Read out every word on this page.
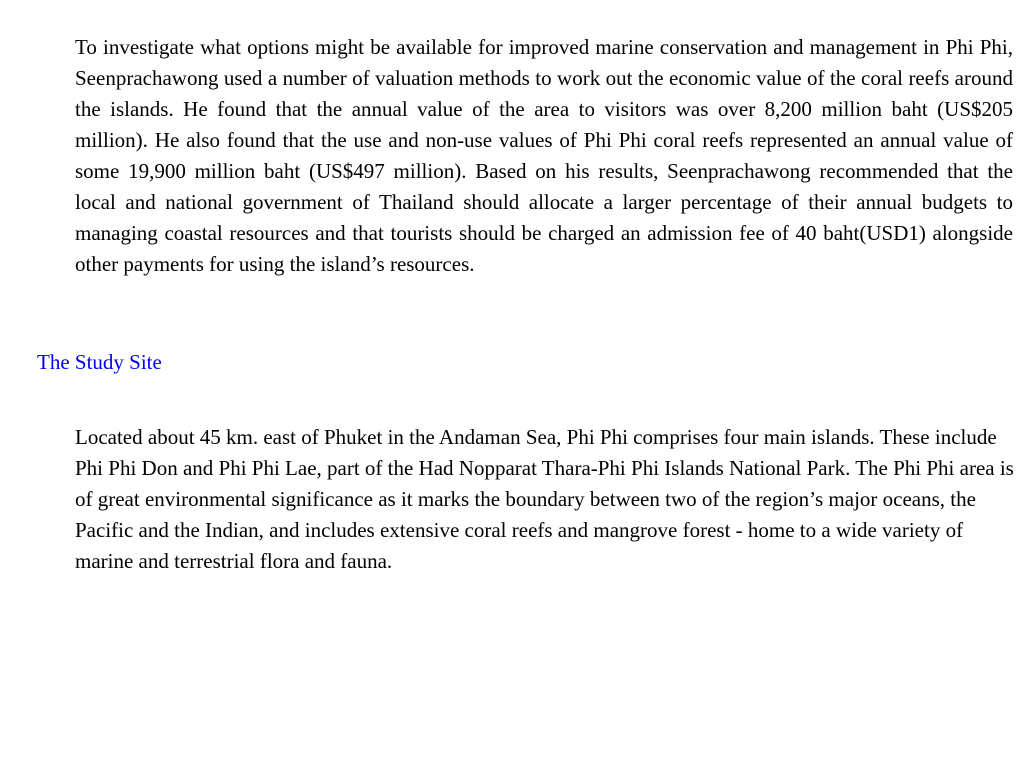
To investigate what options might be available for improved marine conservation and management in Phi Phi, Seenprachawong used a number of valuation methods to work out the economic value of the coral reefs around the islands. He found that the annual value of the area to visitors was over 8,200 million baht (US$205 million). He also found that the use and non-use values of Phi Phi coral reefs represented an annual value of some 19,900 million baht (US$497 million). Based on his results, Seenprachawong recommended that the local and national government of Thailand should allocate a larger percentage of their annual budgets to managing coastal resources and that tourists should be charged an admission fee of 40 baht(USD1) alongside other payments for using the island’s resources.

The Study Site

Located about 45 km. east of Phuket in the Andaman Sea, Phi Phi comprises four main islands. These include Phi Phi Don and Phi Phi Lae, part of the Had Nopparat Thara-Phi Phi Islands National Park. The Phi Phi area is of great environmental significance as it marks the boundary between two of the region’s major oceans, the Pacific and the Indian, and includes extensive coral reefs and mangrove forest - home to a wide variety of marine and terrestrial flora and fauna.
